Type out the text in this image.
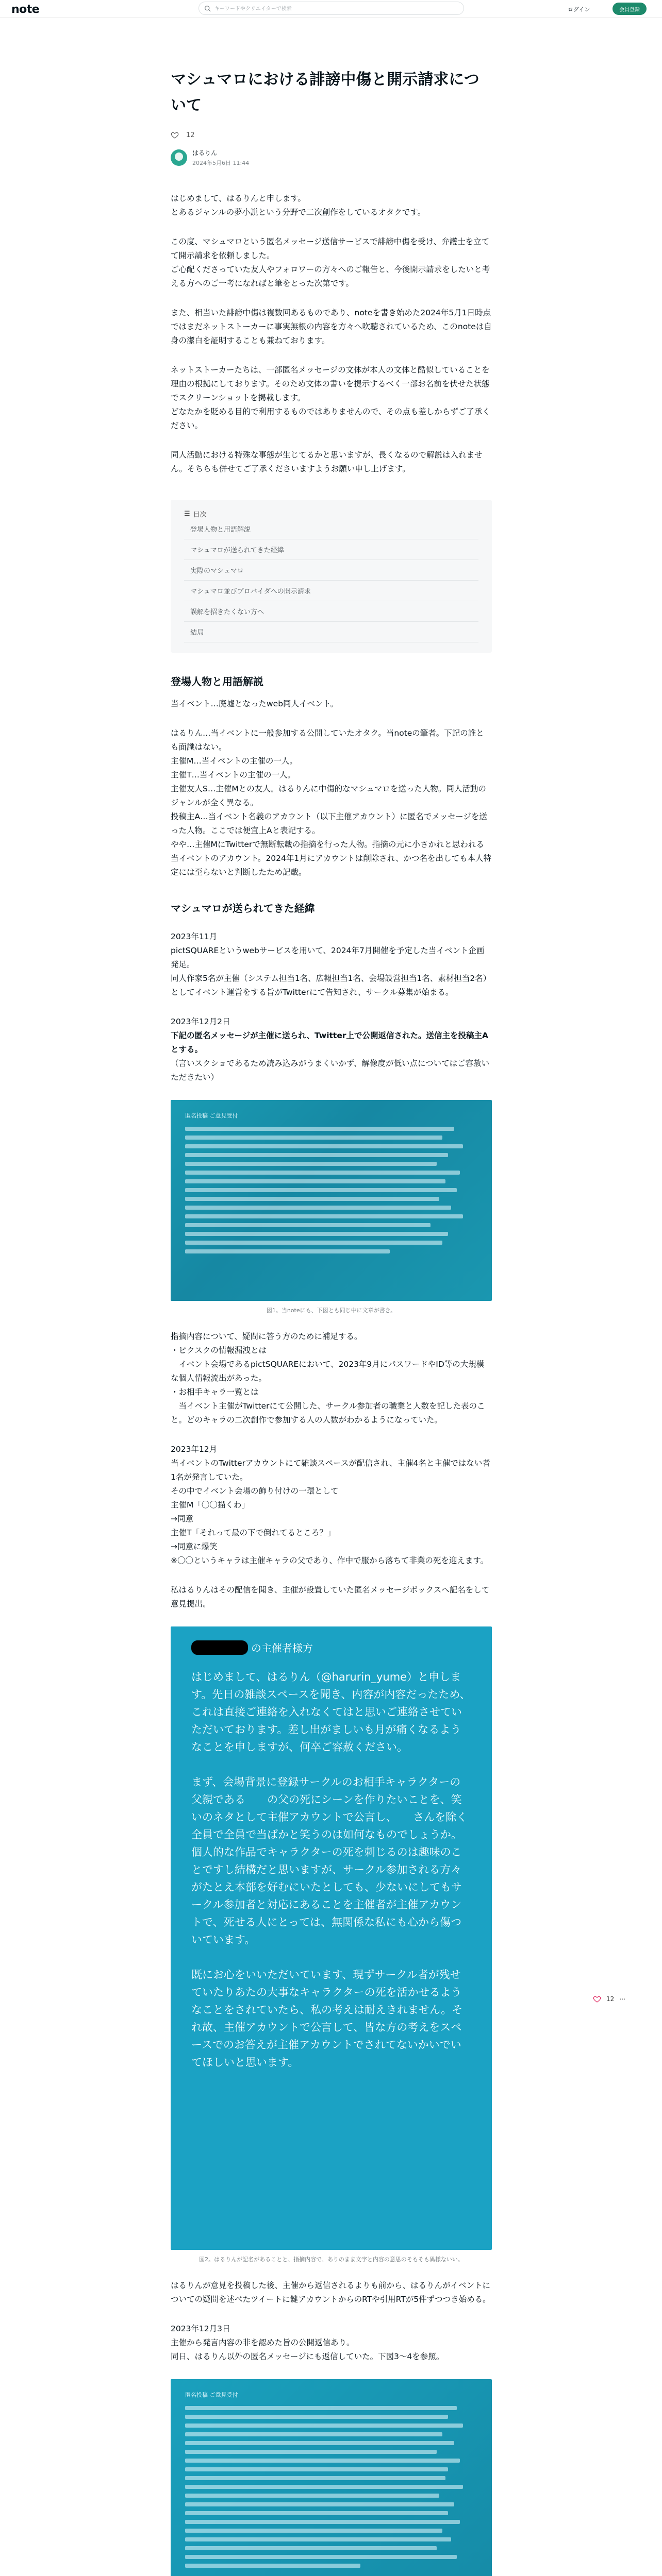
note
キーワードやクリエイターで検索	ログイン	会員登録
マシュマロにおける誹謗中傷と開示請求について
12
はるりん
2024年5月6日 11:44
はじめまして、はるりんと申します。
とあるジャンルの夢小説という分野で二次創作をしているオタクです。
この度、マシュマロという匿名メッセージ送信サービスで誹謗中傷を受け、弁護士を立てて開示請求を依頼しました。
ご心配くださっていた友人やフォロワーの方々へのご報告と、今後開示請求をしたいと考える方へのご一考になればと筆をとった次第です。
また、相当いた誹謗中傷は複数回あるものであり、noteを書き始めた2024年5月1日時点ではまだネットストーカーに事実無根の内容を方々へ吹聴されているため、このnoteは自身の潔白を証明することも兼ねております。
ネットストーカーたちは、一部匿名メッセージの文体が本人の文体と酷似していることを理由の根拠にしております。そのため文体の書いを提示するべく一部お名前を伏せた状態でスクリーンショットを掲載します。
どなたかを貶める目的で利用するものではありませんので、その点も差しからずご了承ください。
同人活動における特殊な事態が生じてるかと思いますが、長くなるので解説は入れません。そちらも併せてご了承くださいますようお願い申し上げます。
☰ 目次
登場人物と用語解説
マシュマロが送られてきた経緯
実際のマシュマロ
マシュマロ並びプロバイダへの開示請求
誤解を招きたくない方へ
結局
登場人物と用語解説
当イベント…廃墟となったweb同人イベント。
はるりん…当イベントに一般参加する公開していたオタク。当noteの筆者。下記の誰とも面識はない。
主催M…当イベントの主催の一人。
主催T…当イベントの主催の一人。
主催友人S…主催Mとの友人。はるりんに中傷的なマシュマロを送った人物。同人活動のジャンルが全く異なる。
投稿主A…当イベント名義のアカウント（以下主催アカウント）に匿名でメッセージを送った人物。ここでは便宜上Aと表記する。
やや…主催MにTwitterで無断転載の指摘を行った人物。指摘の元に小さかれと思われる当イベントのアカウント。2024年1月にアカウントは削除され、かつ名を出しても本人特定には至らないと判断したため記載。
マシュマロが送られてきた経緯
2023年11月
pictSQUAREというwebサービスを用いて、2024年7月開催を予定した当イベント企画発足。
同人作家5名が主催（システム担当1名、広報担当1名、会場設営担当1名、素材担当2名）としてイベント運営をする旨がTwitterにて告知され、サークル募集が始まる。
2023年12月2日
下記の匿名メッセージが主催に送られ、Twitter上で公開返信された。送信主を投稿主Aとする。
（言いスクショであるため読み込みがうまくいかず、解像度が低い点についてはご容赦いただきたい）
匿名投稿 ご意見受付
図1。当noteにも、下図とも同じ中に文章が書き。
指摘内容について、疑問に答う方のために補足する。
・ピクスクの情報漏洩とは
　イベント会場であるpictSQUAREにおいて、2023年9月にパスワードやID等の大規模な個人情報流出があった。
・お相手キャラ一覧とは
　当イベント主催がTwitterにて公開した、サークル参加者の職業と人数を記した表のこと。どのキャラの二次創作で参加する人の人数がわかるようになっていた。
2023年12月
当イベントのTwitterアカウントにて雑談スペースが配信され、主催4名と主催ではない者1名が発言していた。
その中でイベント会場の飾り付けの一環として
主催M「〇〇描くわ」
→同意
主催T「それって最の下で倒れてるところ？」
→同意に爆笑
※〇〇というキャラは主催キャラの父であり、作中で服から落ちて非業の死を迎えます。
私はるりんはその配信を聞き、主催が設置していた匿名メッセージボックスへ記名をして意見提出。
の主催者様方

はじめまして、はるりん（@harurin_yume）と申します。先日の雑談スペースを聞き、内容が内容だったため、これは直接ご連絡を入れなくてはと思いご連絡させていただいております。差し出がましいも月が痛くなるようなことを申しますが、何卒ご容赦ください。

まず、会場背景に登録サークルのお相手キャラクターの父親である　　の父の死にシーンを作りたいことを、笑いのネタとして主催アカウントで公言し、　　さんを除く全員で全員で当ばかと笑うのは如何なものでしょうか。個人的な作品でキャラクターの死を刺じるのは趣味のことですし結構だと思いますが、サークル参加される方々がたとえ本部を好むにいたとしても、少ないにしてもサークル参加者と対応にあることを主催者が主催アカウントで、死せる人にとっては、無関係な私にも心から傷ついています。

既にお心をいいただいています、現ずサークル者が残せていたりあたの大事なキャラクターの死を活かせるようなことをされていたら、私の考えは耐えきれません。それ故、主催アカウントで公言して、皆な方の考えをスペースでのお答えが主催アカウントでされてないかいでいてほしいと思います。

図2。はるりんが記名があることと、指摘内容で、ありのまま文字と内容の意思のそもそも異様ないい。
はるりんが意見を投稿した後、主催から返信されるよりも前から、はるりんがイベントについての疑問を述べたツイートに鍵アカウントからのRTや引用RTが5件ずつつき始める。
2023年12月3日
主催から発言内容の非を認めた旨の公開返信あり。
同日、はるりん以外の匿名メッセージにも返信していた。下図3～4を参照。
匿名投稿 ご意見受付
12 ⋯
